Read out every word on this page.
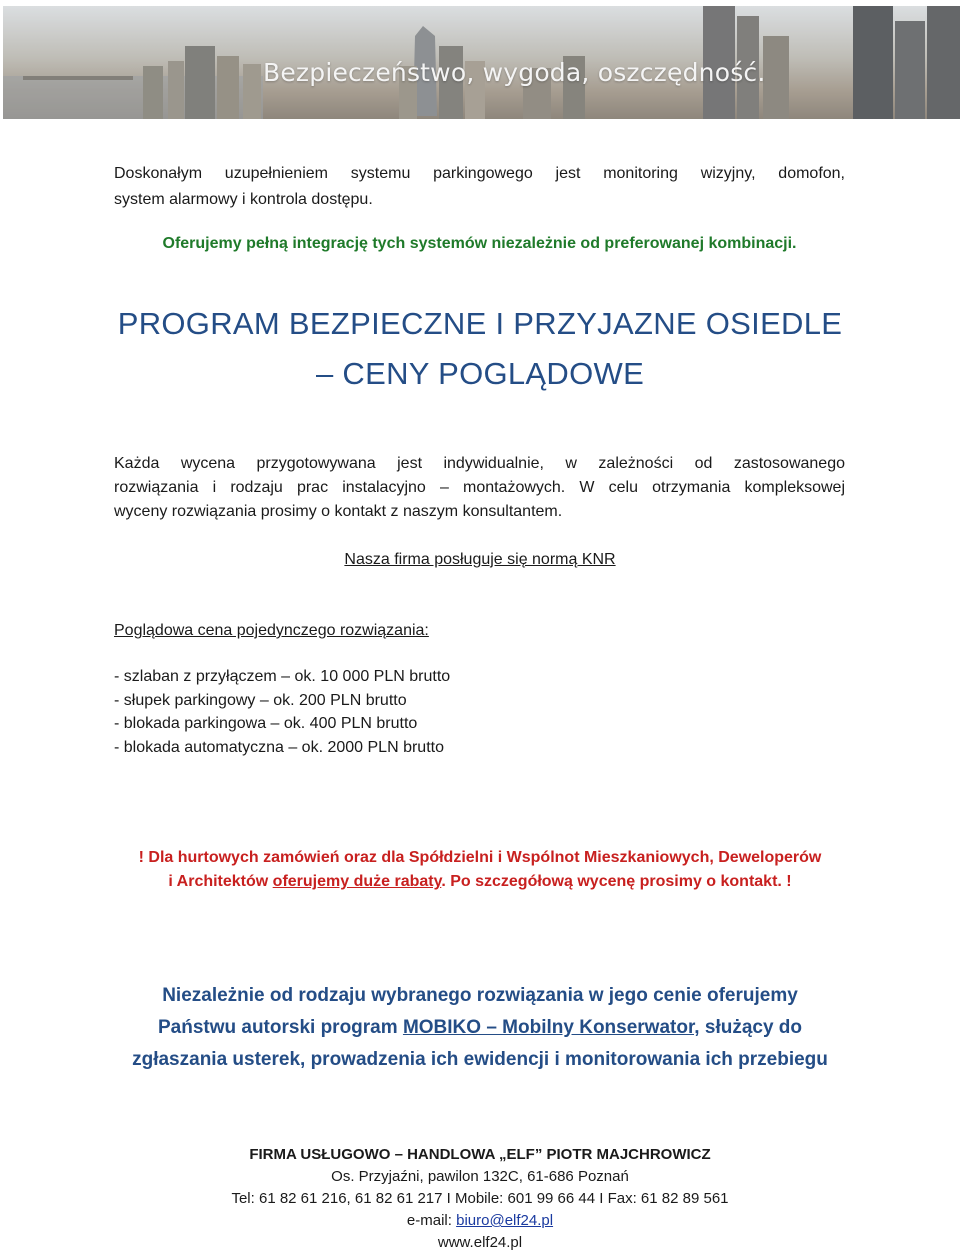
Bezpieczeństwo, wygoda, oszczędność.

Doskonałym uzupełnieniem systemu parkingowego jest monitoring wizyjny, domofon,

system alarmowy i kontrola dostępu.

Oferujemy pełną integrację tych systemów niezależnie od preferowanej kombinacji.

PROGRAM BEZPIECZNE I PRZYJAZNE OSIEDLE
– CENY POGLĄDOWE

Każda wycena przygotowywana jest indywidualnie, w zależności od zastosowanego

rozwiązania i rodzaju prac instalacyjno – montażowych. W celu otrzymania kompleksowej

wyceny rozwiązania prosimy o kontakt z naszym konsultantem.

Nasza firma posługuje się normą KNR

Poglądowa cena pojedynczego rozwiązania:

- szlaban z przyłączem – ok. 10 000 PLN brutto
- słupek parkingowy – ok. 200 PLN brutto
- blokada parkingowa – ok. 400 PLN brutto
- blokada automatyczna – ok. 2000 PLN brutto
! Dla hurtowych zamówień oraz dla Spółdzielni i Wspólnot Mieszkaniowych, Deweloperów
i Architektów oferujemy duże rabaty. Po szczegółową wycenę prosimy o kontakt. !
Niezależnie od rodzaju wybranego rozwiązania w jego cenie oferujemy
Państwu autorski program MOBIKO – Mobilny Konserwator, służący do
zgłaszania usterek, prowadzenia ich ewidencji i monitorowania ich przebiegu
FIRMA USŁUGOWO – HANDLOWA „ELF” PIOTR MAJCHROWICZ
Os. Przyjaźni, pawilon 132C, 61-686 Poznań
Tel: 61 82 61 216, 61 82 61 217 I Mobile: 601 99 66 44 I Fax: 61 82 89 561
e-mail: biuro@elf24.pl
www.elf24.pl
